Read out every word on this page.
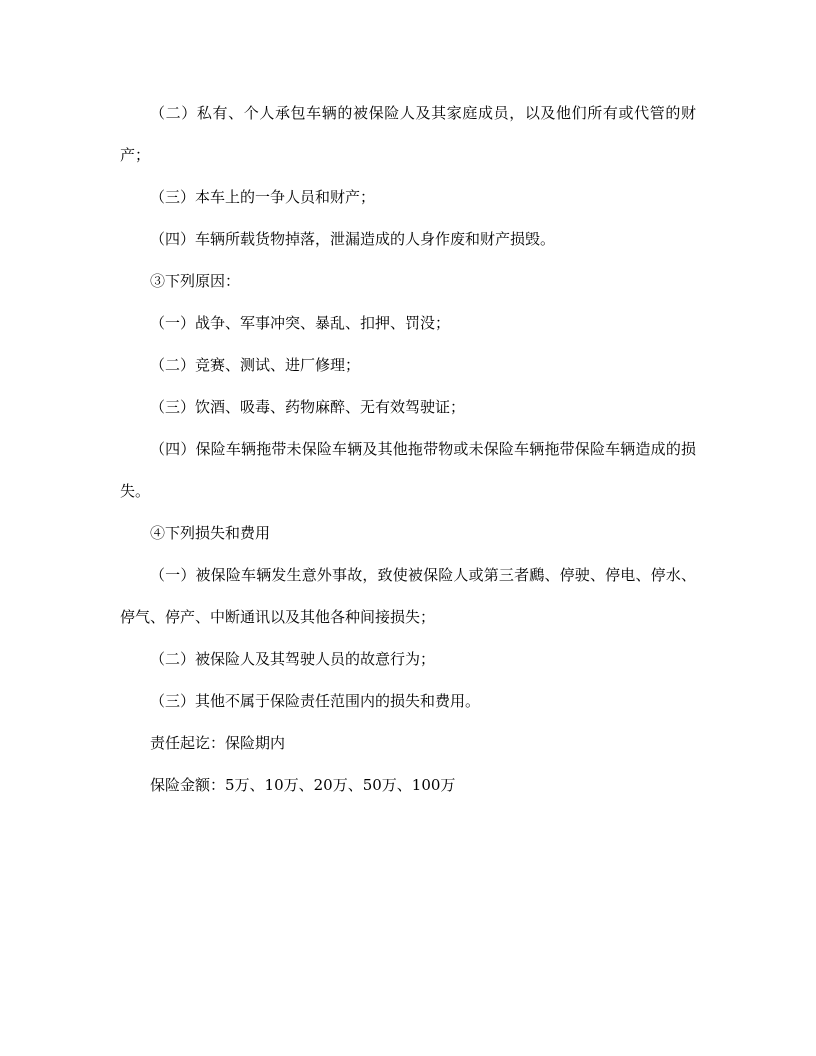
（二）私有、个人承包车辆的被保险人及其家庭成员，以及他们所有或代管的财产；

（三）本车上的一争人员和财产；

（四）车辆所载货物掉落，泄漏造成的人身作废和财产损毁。

③下列原因：

（一）战争、军事冲突、暴乱、扣押、罚没；

（二）竞赛、测试、进厂修理；

（三）饮酒、吸毒、药物麻醉、无有效驾驶证；

（四）保险车辆拖带未保险车辆及其他拖带物或未保险车辆拖带保险车辆造成的损失。

④下列损失和费用

（一）被保险车辆发生意外事故，致使被保险人或第三者鷉、停驶、停电、停水、停气、停产、中断通讯以及其他各种间接损失；

（二）被保险人及其驾驶人员的故意行为；

（三）其他不属于保险责任范围内的损失和费用。

责任起讫：保险期内

保险金额：5万、10万、20万、50万、100万
